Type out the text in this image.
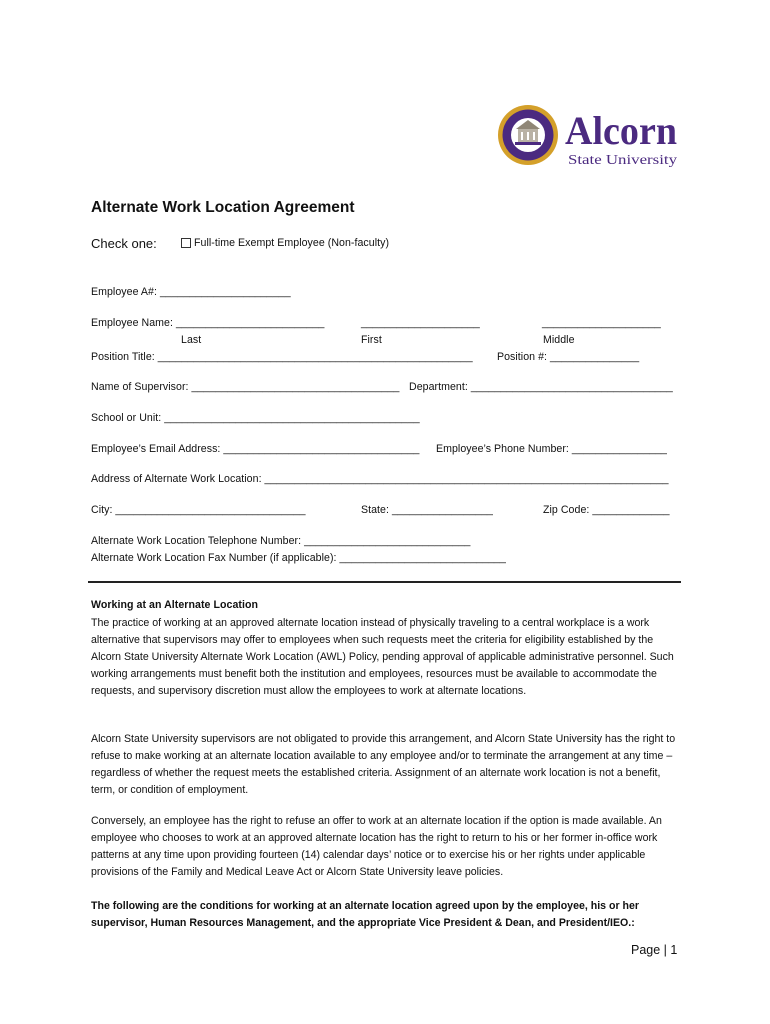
Alcorn
State University
Alternate Work Location Agreement
Check one:	Full-time Exempt Employee (Non-faculty)
Employee A#: ______________________
Employee Name: _________________________	____________________	____________________
Last	First	Middle
Position Title: _____________________________________________________ Position #: _______________
Name of Supervisor: ___________________________________ Department: __________________________________
School or Unit: ___________________________________________
Employee’s Email Address: _________________________________ Employee’s Phone Number: ________________
Address of Alternate Work Location: ____________________________________________________________________
City: ________________________________	State: _________________	Zip Code: _____________
Alternate Work Location Telephone Number: ____________________________
Alternate Work Location Fax Number (if applicable): ____________________________
Working at an Alternate Location
The practice of working at an approved alternate location instead of physically traveling to a central workplace is a work alternative that supervisors may offer to employees when such requests meet the criteria for eligibility established by the Alcorn State University Alternate Work Location (AWL) Policy, pending approval of applicable administrative personnel. Such working arrangements must benefit both the institution and employees, resources must be available to accommodate the requests, and supervisory discretion must allow the employees to work at alternate locations.
Alcorn State University supervisors are not obligated to provide this arrangement, and Alcorn State University has the right to refuse to make working at an alternate location available to any employee and/or to terminate the arrangement at any time – regardless of whether the request meets the established criteria. Assignment of an alternate work location is not a benefit, term, or condition of employment.
Conversely, an employee has the right to refuse an offer to work at an alternate location if the option is made available. An employee who chooses to work at an approved alternate location has the right to return to his or her former in-office work patterns at any time upon providing fourteen (14) calendar days’ notice or to exercise his or her rights under applicable provisions of the Family and Medical Leave Act or Alcorn State University leave policies.
The following are the conditions for working at an alternate location agreed upon by the employee, his or her supervisor, Human Resources Management, and the appropriate Vice President & Dean, and President/IEO.:
Page | 1
